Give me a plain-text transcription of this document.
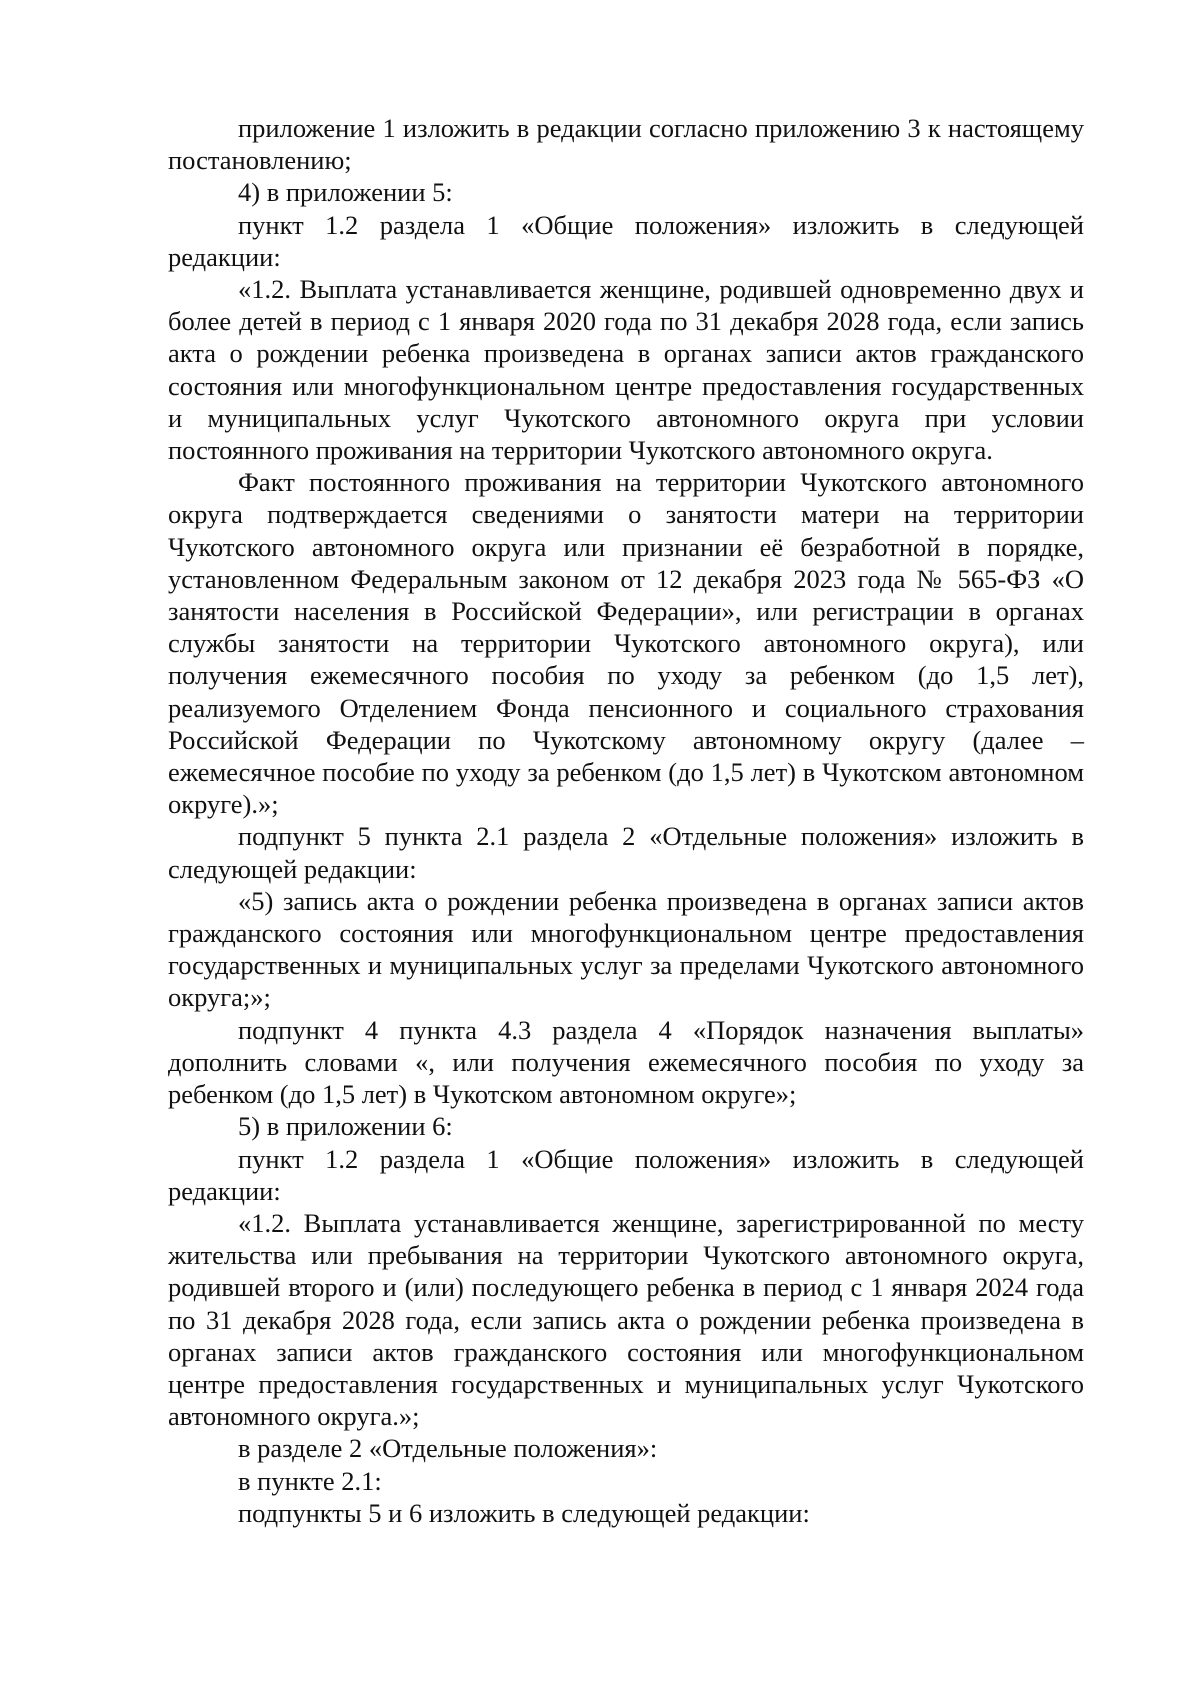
приложение 1 изложить в редакции согласно приложению 3 к настоящему постановлению;

4) в приложении 5:

пункт 1.2 раздела 1 «Общие положения» изложить в следующей редакции:

«1.2. Выплата устанавливается женщине, родившей одновременно двух и более детей в период с 1 января 2020 года по 31 декабря 2028 года, если запись акта о рождении ребенка произведена в органах записи актов гражданского состояния или многофункциональном центре предоставления государственных и муниципальных услуг Чукотского автономного округа при условии постоянного проживания на территории Чукотского автономного округа.

Факт постоянного проживания на территории Чукотского автономного округа подтверждается сведениями о занятости матери на территории Чукотского автономного округа или признании её безработной в порядке, установленном Федеральным законом от 12 декабря 2023 года № 565-ФЗ «О занятости населения в Российской Федерации», или регистрации в органах службы занятости на территории Чукотского автономного округа), или получения ежемесячного пособия по уходу за ребенком (до 1,5 лет), реализуемого Отделением Фонда пенсионного и социального страхования Российской Федерации по Чукотскому автономному округу (далее – ежемесячное пособие по уходу за ребенком (до 1,5 лет) в Чукотском автономном округе).»;

подпункт 5 пункта 2.1 раздела 2 «Отдельные положения» изложить в следующей редакции:

«5) запись акта о рождении ребенка произведена в органах записи актов гражданского состояния или многофункциональном центре предоставления государственных и муниципальных услуг за пределами Чукотского автономного округа;»;

подпункт 4 пункта 4.3 раздела 4 «Порядок назначения выплаты» дополнить словами «, или получения ежемесячного пособия по уходу за ребенком (до 1,5 лет) в Чукотском автономном округе»;

5) в приложении 6:

пункт 1.2 раздела 1 «Общие положения» изложить в следующей редакции:

«1.2. Выплата устанавливается женщине, зарегистрированной по месту жительства или пребывания на территории Чукотского автономного округа, родившей второго и (или) последующего ребенка в период с 1 января 2024 года по 31 декабря 2028 года, если запись акта о рождении ребенка произведена в органах записи актов гражданского состояния или многофункциональном центре предоставления государственных и муниципальных услуг Чукотского автономного округа.»;

в разделе 2 «Отдельные положения»:

в пункте 2.1:

подпункты 5 и 6 изложить в следующей редакции:
